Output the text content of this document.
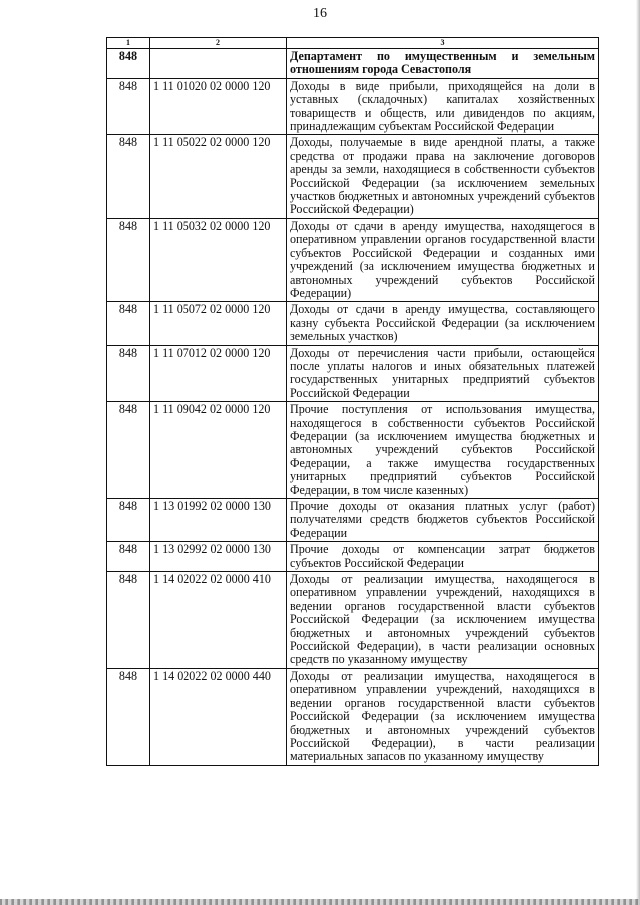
16
1	2	3
848		Департамент по имущественным и земельным отношениям города Севастополя
848	1 11 01020 02 0000 120	Доходы в виде прибыли, приходящейся на доли в уставных (складочных) капиталах хозяйственных товариществ и обществ, или дивидендов по акциям, принадлежащим субъектам Российской Федерации
848	1 11 05022 02 0000 120	Доходы, получаемые в виде арендной платы, а также средства от продажи права на заключение договоров аренды за земли, находящиеся в собственности субъектов Российской Федерации (за исключением земельных участков бюджетных и автономных учреждений субъектов Российской Федерации)
848	1 11 05032 02 0000 120	Доходы от сдачи в аренду имущества, находящегося в оперативном управлении органов государственной власти субъектов Российской Федерации и созданных ими учреждений (за исключением имущества бюджетных и автономных учреждений субъектов Российской Федерации)
848	1 11 05072 02 0000 120	Доходы от сдачи в аренду имущества, составляющего казну субъекта Российской Федерации (за исключением земельных участков)
848	1 11 07012 02 0000 120	Доходы от перечисления части прибыли, остающейся после уплаты налогов и иных обязательных платежей государственных унитарных предприятий субъектов Российской Федерации
848	1 11 09042 02 0000 120	Прочие поступления от использования имущества, находящегося в собственности субъектов Российской Федерации (за исключением имущества бюджетных и автономных учреждений субъектов Российской Федерации, а также имущества государственных унитарных предприятий субъектов Российской Федерации, в том числе казенных)
848	1 13 01992 02 0000 130	Прочие доходы от оказания платных услуг (работ) получателями средств бюджетов субъектов Российской Федерации
848	1 13 02992 02 0000 130	Прочие доходы от компенсации затрат бюджетов субъектов Российской Федерации
848	1 14 02022 02 0000 410	Доходы от реализации имущества, находящегося в оперативном управлении учреждений, находящихся в ведении органов государственной власти субъектов Российской Федерации (за исключением имущества бюджетных и автономных учреждений субъектов Российской Федерации), в части реализации основных средств по указанному имуществу
848	1 14 02022 02 0000 440	Доходы от реализации имущества, находящегося в оперативном управлении учреждений, находящихся в ведении органов государственной власти субъектов Российской Федерации (за исключением имущества бюджетных и автономных учреждений субъектов Российской Федерации), в части реализации материальных запасов по указанному имуществу
